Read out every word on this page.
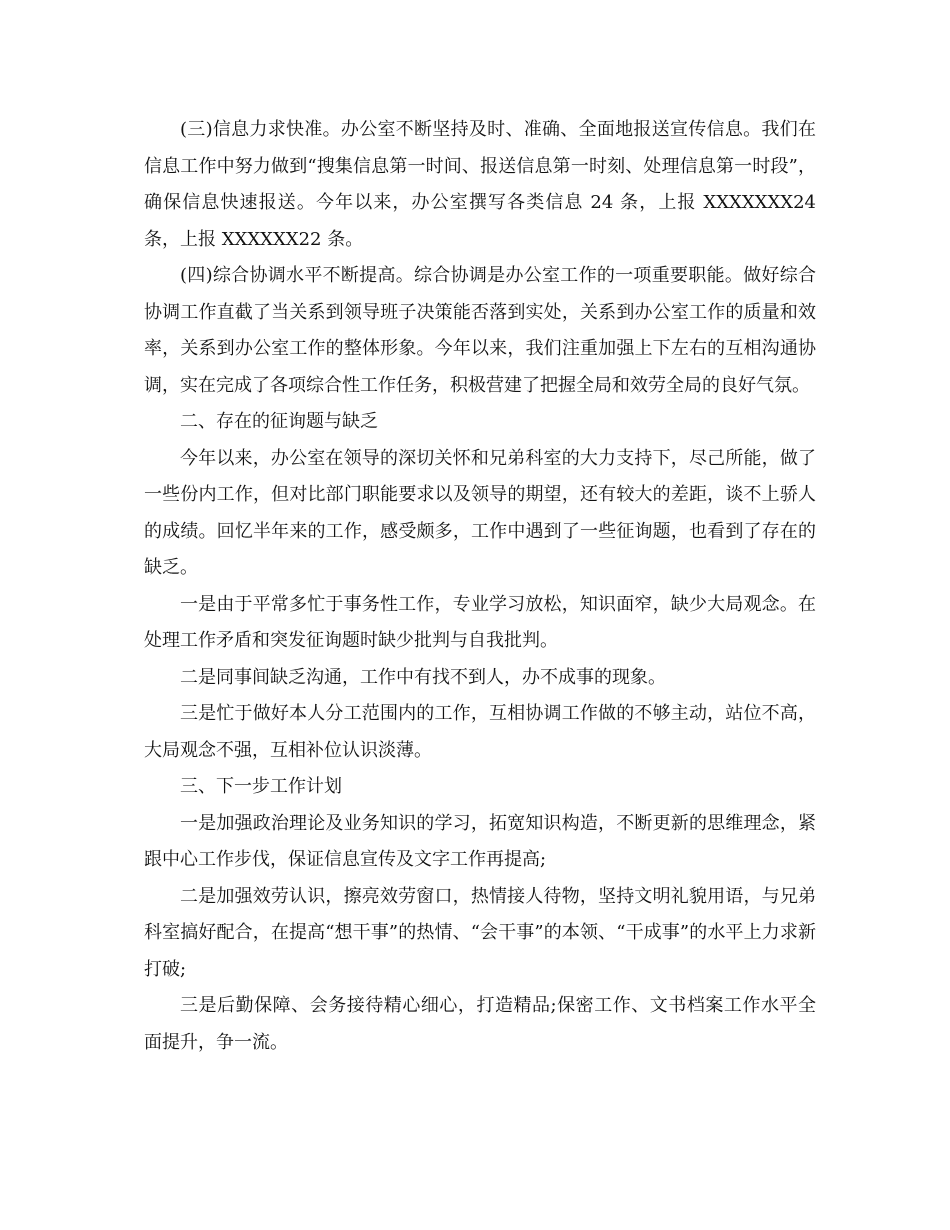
(三)信息力求快准。办公室不断坚持及时、准确、全面地报送宣传信息。我们在信息工作中努力做到“搜集信息第一时间、报送信息第一时刻、处理信息第一时段”，确保信息快速报送。今年以来，办公室撰写各类信息 24 条，上报 XXXXXXX24 条，上报 XXXXXX22 条。

(四)综合协调水平不断提高。综合协调是办公室工作的一项重要职能。做好综合协调工作直截了当关系到领导班子决策能否落到实处，关系到办公室工作的质量和效率，关系到办公室工作的整体形象。今年以来，我们注重加强上下左右的互相沟通协调，实在完成了各项综合性工作任务，积极营建了把握全局和效劳全局的良好气氛。

二、存在的征询题与缺乏

今年以来，办公室在领导的深切关怀和兄弟科室的大力支持下，尽己所能，做了一些份内工作，但对比部门职能要求以及领导的期望，还有较大的差距，谈不上骄人的成绩。回忆半年来的工作，感受颇多，工作中遇到了一些征询题，也看到了存在的缺乏。

一是由于平常多忙于事务性工作，专业学习放松，知识面窄，缺少大局观念。在处理工作矛盾和突发征询题时缺少批判与自我批判。

二是同事间缺乏沟通，工作中有找不到人，办不成事的现象。

三是忙于做好本人分工范围内的工作，互相协调工作做的不够主动，站位不高，大局观念不强，互相补位认识淡薄。

三、下一步工作计划

一是加强政治理论及业务知识的学习，拓宽知识构造，不断更新的思维理念，紧跟中心工作步伐，保证信息宣传及文字工作再提高;

二是加强效劳认识，擦亮效劳窗口，热情接人待物，坚持文明礼貌用语，与兄弟科室搞好配合，在提高“想干事”的热情、“会干事”的本领、“干成事”的水平上力求新打破;

三是后勤保障、会务接待精心细心，打造精品;保密工作、文书档案工作水平全面提升，争一流。
